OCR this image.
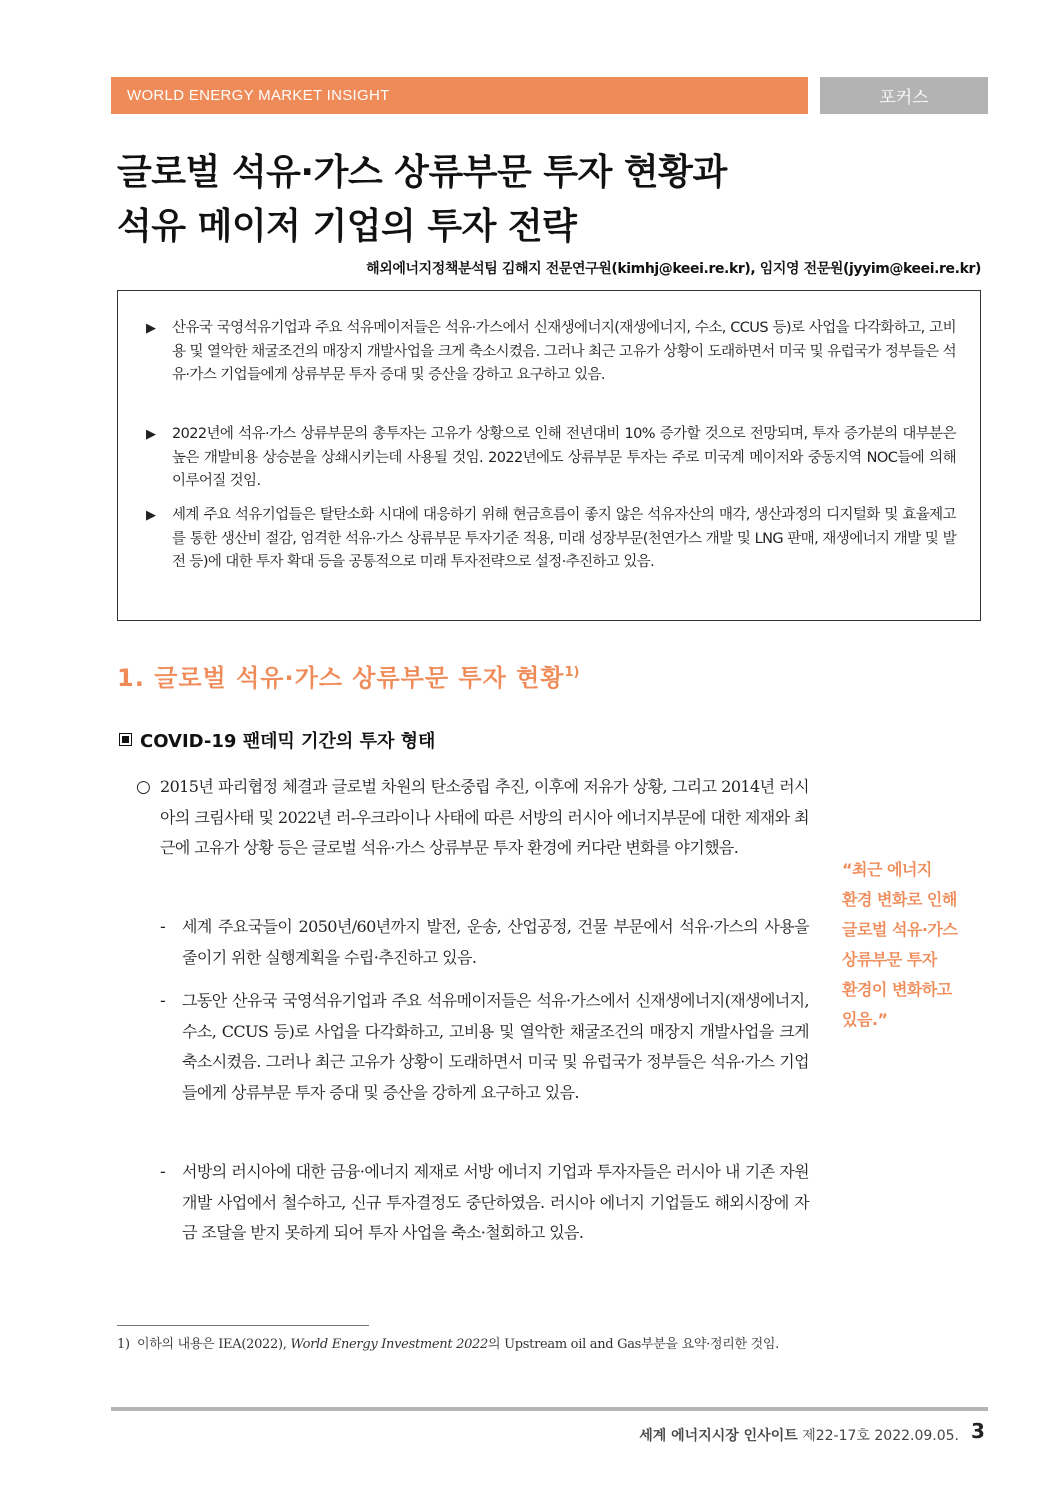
WORLD ENERGY MARKET INSIGHT	포커스
글로벌 석유·가스 상류부문 투자 현황과
석유 메이저 기업의 투자 전략
해외에너지정책분석팀 김해지 전문연구원(kimhj@keei.re.kr), 임지영 전문원(jyyim@keei.re.kr)
▶	산유국 국영석유기업과 주요 석유메이저들은 석유·가스에서 신재생에너지(재생에너지, 수소, CCUS 등)로 사업을 다각화하고, 고비용 및 열악한 채굴조건의 매장지 개발사업을 크게 축소시켰음. 그러나 최근 고유가 상황이 도래하면서 미국 및 유럽국가 정부들은 석유·가스 기업들에게 상류부문 투자 증대 및 증산을 강하고 요구하고 있음.
▶	2022년에 석유·가스 상류부문의 총투자는 고유가 상황으로 인해 전년대비 10% 증가할 것으로 전망되며, 투자 증가분의 대부분은 높은 개발비용 상승분을 상쇄시키는데 사용될 것임. 2022년에도 상류부문 투자는 주로 미국계 메이저와 중동지역 NOC들에 의해 이루어질 것임.
▶	세계 주요 석유기업들은 탈탄소화 시대에 대응하기 위해 현금흐름이 좋지 않은 석유자산의 매각, 생산과정의 디지털화 및 효율제고를 통한 생산비 절감, 엄격한 석유·가스 상류부문 투자기준 적용, 미래 성장부문(천연가스 개발 및 LNG 판매, 재생에너지 개발 및 발전 등)에 대한 투자 확대 등을 공통적으로 미래 투자전략으로 설정·추진하고 있음.
1. 글로벌 석유·가스 상류부문 투자 현황$^{1)}$
COVID-19 팬데믹 기간의 투자 형태
○ 2015년 파리협정 체결과 글로벌 차원의 탄소중립 추진, 이후에 저유가 상황, 그리고 2014년 러시아의 크림사태 및 2022년 러-우크라이나 사태에 따른 서방의 러시아 에너지부문에 대한 제재와 최근에 고유가 상황 등은 글로벌 석유·가스 상류부문 투자 환경에 커다란 변화를 야기했음.
-	세계 주요국들이 2050년/60년까지 발전, 운송, 산업공정, 건물 부문에서 석유·가스의 사용을 줄이기 위한 실행계획을 수립·추진하고 있음.
-	그동안 산유국 국영석유기업과 주요 석유메이저들은 석유·가스에서 신재생에너지(재생에너지, 수소, CCUS 등)로 사업을 다각화하고, 고비용 및 열악한 채굴조건의 매장지 개발사업을 크게 축소시켰음. 그러나 최근 고유가 상황이 도래하면서 미국 및 유럽국가 정부들은 석유·가스 기업들에게 상류부문 투자 증대 및 증산을 강하게 요구하고 있음.
-	서방의 러시아에 대한 금융·에너지 제재로 서방 에너지 기업과 투자자들은 러시아 내 기존 자원개발 사업에서 철수하고, 신규 투자결정도 중단하였음. 러시아 에너지 기업들도 해외시장에 자금 조달을 받지 못하게 되어 투자 사업을 축소·철회하고 있음.
“최근 에너지
환경 변화로 인해
글로벌 석유·가스
상류부문 투자
환경이 변화하고
있음.”
1) 이하의 내용은 IEA(2022), World Energy Investment 2022의 Upstream oil and Gas부분을 요약·정리한 것임.
세계 에너지시장 인사이트 제22-17호 2022.09.05. 3
